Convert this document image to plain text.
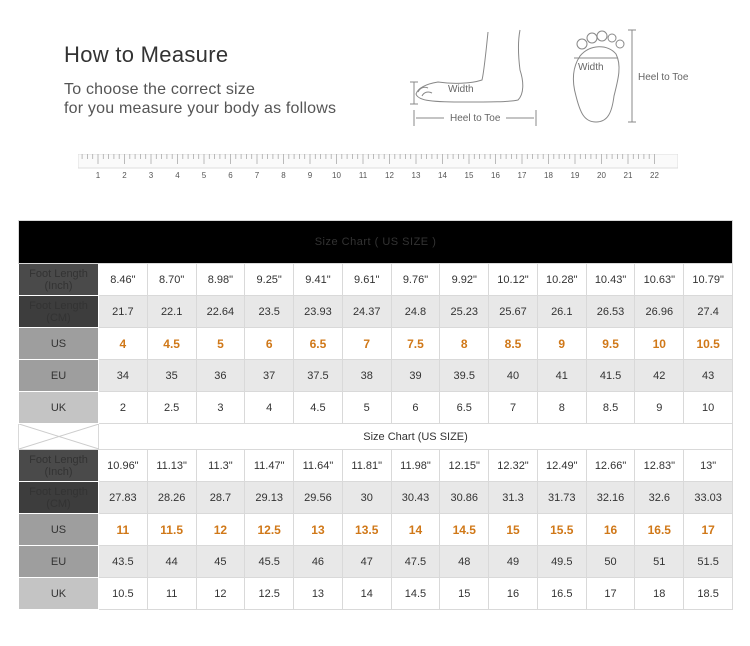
How to Measure
To choose the correct size
for you measure your body as follows
Width
Heel to Toe
Width
Heel to Toe
1	2	3	4	5	6	7	8	9 10 11 12 13 14 15 16 17 18 19 20 21 22
Size Chart ( US SIZE )													
Foot Length
(Inch)	8.46"	8.70"	8.98"	9.25"	9.41"	9.61"	9.76"	9.92"	10.12"	10.28"	10.43"	10.63"	10.79"
Foot Length
(CM)	21.7	22.1	22.64	23.5	23.93	24.37	24.8	25.23	25.67	26.1	26.53	26.96	27.4
US	4	4.5	5	6	6.5	7	7.5	8	8.5	9	9.5	10	10.5
EU	34	35	36	37	37.5	38	39	39.5	40	41	41.5	42	43
UK	2	2.5	3	4	4.5	5	6	6.5	7	8	8.5	9	10

	Size Chart (US SIZE)												
Foot Length
(Inch)	10.96"	11.13"	11.3"	11.47"	11.64"	11.81"	11.98"	12.15"	12.32"	12.49"	12.66"	12.83"	13"
Foot Length
(CM)	27.83	28.26	28.7	29.13	29.56	30	30.43	30.86	31.3	31.73	32.16	32.6	33.03
US	11	11.5	12	12.5	13	13.5	14	14.5	15	15.5	16	16.5	17
EU	43.5	44	45	45.5	46	47	47.5	48	49	49.5	50	51	51.5
UK	10.5	11	12	12.5	13	14	14.5	15	16	16.5	17	18	18.5
